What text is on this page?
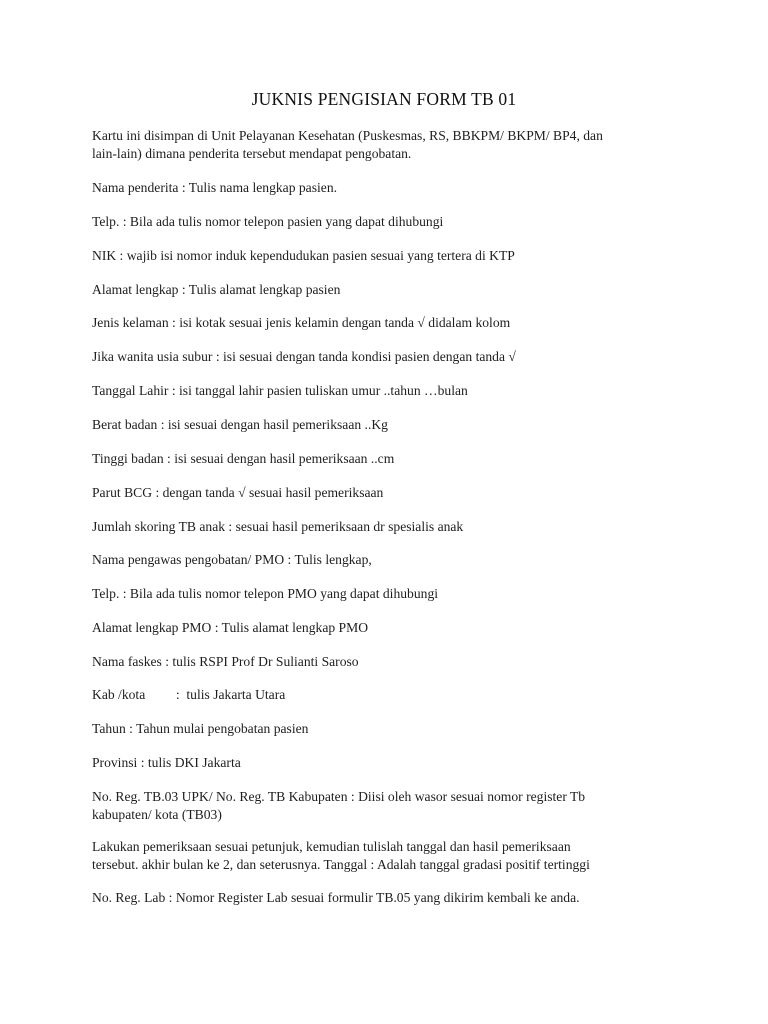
JUKNIS PENGISIAN FORM TB 01
Kartu ini disimpan di Unit Pelayanan Kesehatan (Puskesmas, RS, BBKPM/ BKPM/ BP4, dan
lain-lain) dimana penderita tersebut mendapat pengobatan.
Nama penderita : Tulis nama lengkap pasien.
Telp. : Bila ada tulis nomor telepon pasien yang dapat dihubungi
NIK : wajib isi nomor induk kependudukan pasien sesuai yang tertera di KTP
Alamat lengkap : Tulis alamat lengkap pasien
Jenis kelaman : isi kotak sesuai jenis kelamin dengan tanda √ didalam kolom
Jika wanita usia subur : isi sesuai dengan tanda kondisi pasien dengan tanda √
Tanggal Lahir : isi tanggal lahir pasien tuliskan umur ..tahun …bulan
Berat badan : isi sesuai dengan hasil pemeriksaan ..Kg
Tinggi badan : isi sesuai dengan hasil pemeriksaan ..cm
Parut BCG : dengan tanda √ sesuai hasil pemeriksaan
Jumlah skoring TB anak : sesuai hasil pemeriksaan dr spesialis anak
Nama pengawas pengobatan/ PMO : Tulis lengkap,
Telp. : Bila ada tulis nomor telepon PMO yang dapat dihubungi
Alamat lengkap PMO : Tulis alamat lengkap PMO
Nama faskes : tulis RSPI Prof Dr Sulianti Saroso
Kab /kota         :  tulis Jakarta Utara
Tahun : Tahun mulai pengobatan pasien
Provinsi : tulis DKI Jakarta
No. Reg. TB.03 UPK/ No. Reg. TB Kabupaten : Diisi oleh wasor sesuai nomor register Tb
kabupaten/ kota (TB03)
Lakukan pemeriksaan sesuai petunjuk, kemudian tulislah tanggal dan hasil pemeriksaan
tersebut. akhir bulan ke 2, dan seterusnya. Tanggal : Adalah tanggal gradasi positif tertinggi
No. Reg. Lab : Nomor Register Lab sesuai formulir TB.05 yang dikirim kembali ke anda.
